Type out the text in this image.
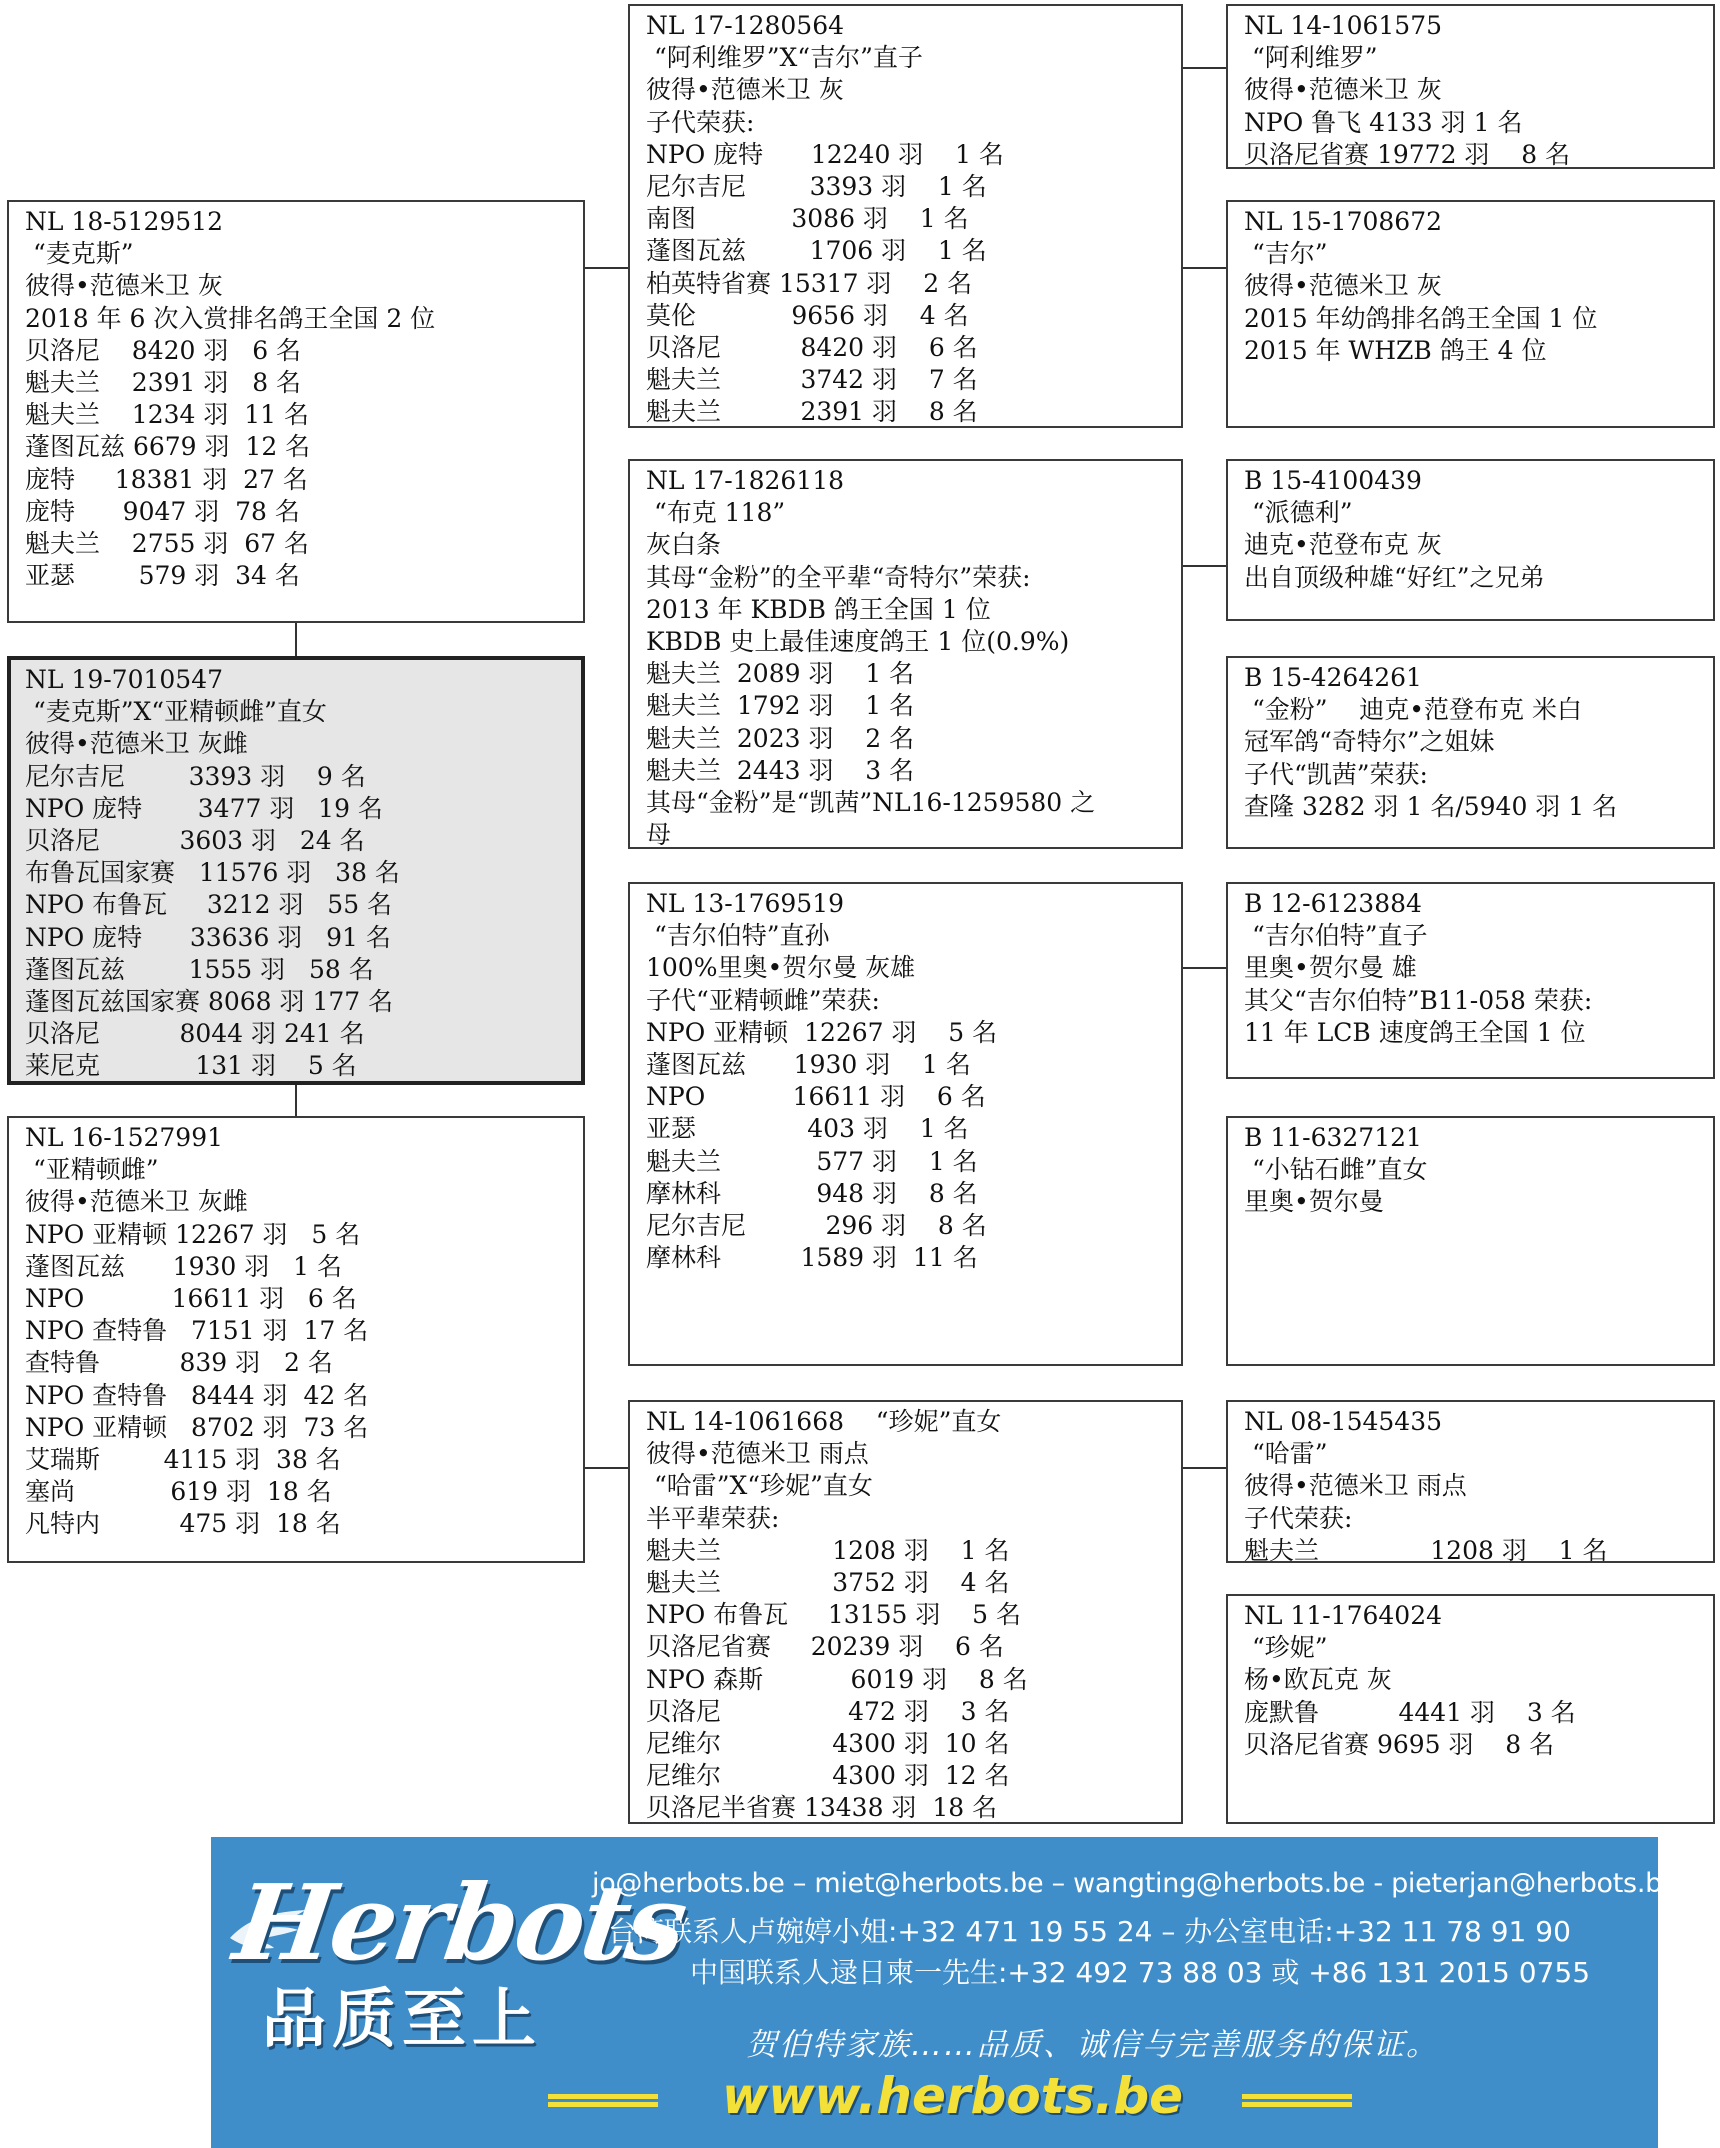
NL 17-1280564
“阿利维罗”X“吉尔”直子
彼得•范德米卫 灰
子代荣获:
NPO 庞特      12240 羽    1 名
尼尔吉尼        3393 羽    1 名
南图            3086 羽    1 名
蓬图瓦兹        1706 羽    1 名
柏英特省赛 15317 羽    2 名
莫伦            9656 羽    4 名
贝洛尼          8420 羽    6 名
魁夫兰          3742 羽    7 名
魁夫兰          2391 羽    8 名
NL 18-5129512
“麦克斯”
彼得•范德米卫 灰
2018 年 6 次入赏排名鸽王全国 2 位
贝洛尼    8420 羽   6 名
魁夫兰    2391 羽   8 名
魁夫兰    1234 羽  11 名
蓬图瓦兹 6679 羽  12 名
庞特     18381 羽  27 名
庞特      9047 羽  78 名
魁夫兰    2755 羽  67 名
亚瑟        579 羽  34 名
NL 17-1826118
“布克 118”
灰白条
其母“金粉”的全平辈“奇特尔”荣获:
2013 年 KBDB 鸽王全国 1 位
KBDB 史上最佳速度鸽王 1 位(0.9%)
魁夫兰  2089 羽    1 名
魁夫兰  1792 羽    1 名
魁夫兰  2023 羽    2 名
魁夫兰  2443 羽    3 名
其母“金粉”是“凯茜”NL16-1259580 之
母
NL 19-7010547
“麦克斯”X“亚精顿雌”直女
彼得•范德米卫 灰雌
尼尔吉尼        3393 羽    9 名
NPO 庞特       3477 羽   19 名
贝洛尼          3603 羽   24 名
布鲁瓦国家赛   11576 羽   38 名
NPO 布鲁瓦     3212 羽   55 名
NPO 庞特      33636 羽   91 名
蓬图瓦兹        1555 羽   58 名
蓬图瓦兹国家赛 8068 羽 177 名
贝洛尼          8044 羽 241 名
莱尼克            131 羽    5 名
NL 13-1769519
“吉尔伯特”直孙
100%里奥•贺尔曼 灰雄
子代“亚精顿雌”荣获:
NPO 亚精顿  12267 羽    5 名
蓬图瓦兹      1930 羽    1 名
NPO           16611 羽    6 名
亚瑟              403 羽    1 名
魁夫兰            577 羽    1 名
摩林科            948 羽    8 名
尼尔吉尼          296 羽    8 名
摩林科          1589 羽  11 名
NL 16-1527991
“亚精顿雌”
彼得•范德米卫 灰雌
NPO 亚精顿 12267 羽   5 名
蓬图瓦兹      1930 羽   1 名
NPO           16611 羽   6 名
NPO 查特鲁   7151 羽  17 名
查特鲁          839 羽   2 名
NPO 查特鲁   8444 羽  42 名
NPO 亚精顿   8702 羽  73 名
艾瑞斯        4115 羽  38 名
塞尚            619 羽  18 名
凡特内          475 羽  18 名
NL 14-1061668    “珍妮”直女
彼得•范德米卫 雨点
“哈雷”X“珍妮”直女
半平辈荣获:
魁夫兰              1208 羽    1 名
魁夫兰              3752 羽    4 名
NPO 布鲁瓦     13155 羽    5 名
贝洛尼省赛     20239 羽    6 名
NPO 森斯           6019 羽    8 名
贝洛尼                472 羽    3 名
尼维尔              4300 羽  10 名
尼维尔              4300 羽  12 名
贝洛尼半省赛 13438 羽  18 名
NL 14-1061575
“阿利维罗”
彼得•范德米卫 灰
NPO 鲁飞 4133 羽 1 名
贝洛尼省赛 19772 羽    8 名
NL 15-1708672
“吉尔”
彼得•范德米卫 灰
2015 年幼鸽排名鸽王全国 1 位
2015 年 WHZB 鸽王 4 位
B 15-4100439
“派德利”
迪克•范登布克 灰
出自顶级种雄“好红”之兄弟
B 15-4264261
“金粉”    迪克•范登布克 米白
冠军鸽“奇特尔”之姐妹
子代“凯茜”荣获:
查隆 3282 羽 1 名/5940 羽 1 名
B 12-6123884
“吉尔伯特”直子
里奥•贺尔曼 雄
其父“吉尔伯特”B11-058 荣获:
11 年 LCB 速度鸽王全国 1 位
B 11-6327121
“小钻石雌”直女
里奥•贺尔曼
NL 08-1545435
“哈雷”
彼得•范德米卫 雨点
子代荣获:
魁夫兰              1208 羽    1 名
NL 11-1764024
“珍妮”
杨•欧瓦克 灰
庞默鲁          4441 羽    3 名
贝洛尼省赛 9695 羽    8 名
Herbots
品质至上
jo@herbots.be – miet@herbots.be – wangting@herbots.be - pieterjan@herbots.be
台湾联系人卢婉婷小姐:+32 471 19 55 24 – 办公室电话:+32 11 78 91 90
中国联系人逯日柬一先生:+32 492 73 88 03 或 +86 131 2015 0755
贺伯特家族……品质、诚信与完善服务的保证。
www.herbots.be
